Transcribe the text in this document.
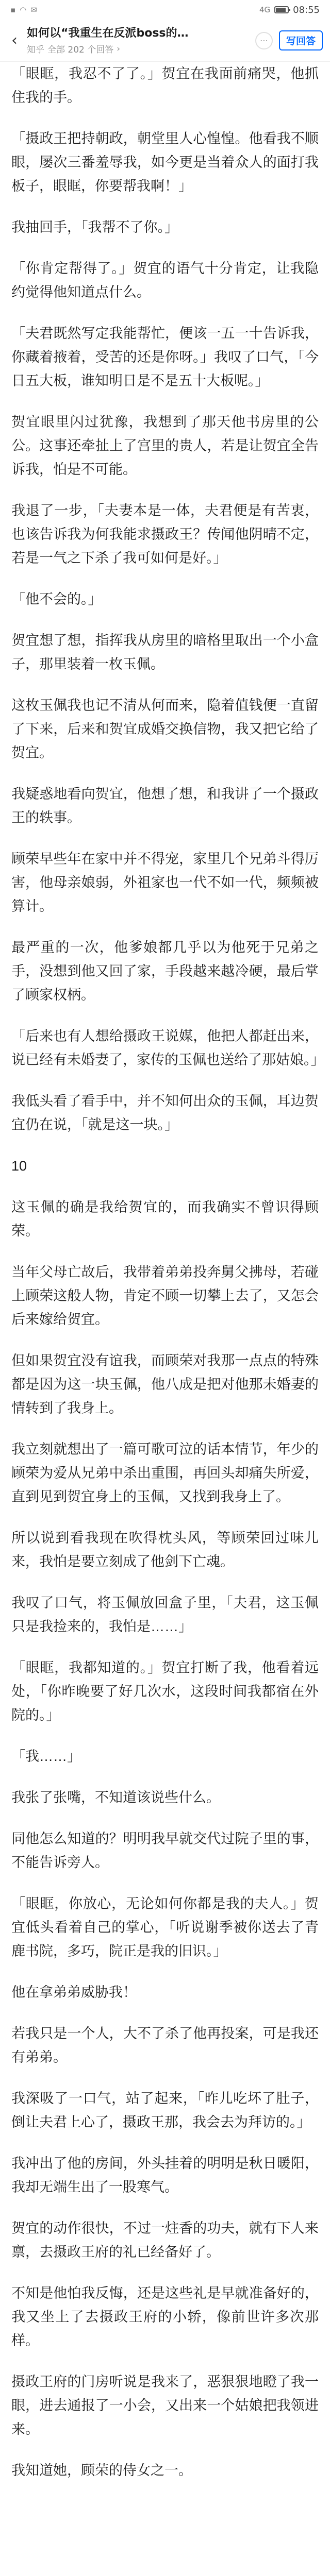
▪ ◠ ✉	4G 08:55
‹ 如何以“我重生在反派boss的…
知乎 全部 202 个回答 ›
⋯	写回答

「眼眶，我忍不了了。」贺宜在我面前痛哭，他抓住我的手。

「摄政王把持朝政，朝堂里人心惶惶。他看我不顺眼，屡次三番羞辱我，如今更是当着众人的面打我板子，眼眶，你要帮我啊！」

我抽回手，「我帮不了你。」

「你肯定帮得了。」贺宜的语气十分肯定，让我隐约觉得他知道点什么。

「夫君既然写定我能帮忙，便该一五一十告诉我，你藏着掖着，受苦的还是你呀。」我叹了口气，「今日五大板，谁知明日是不是五十大板呢。」

贺宜眼里闪过犹豫，我想到了那天他书房里的公公。这事还牵扯上了宫里的贵人，若是让贺宜全告诉我，怕是不可能。

我退了一步，「夫妻本是一体，夫君便是有苦衷，也该告诉我为何我能求摄政王？传闻他阴晴不定，若是一气之下杀了我可如何是好。」

「他不会的。」

贺宜想了想，指挥我从房里的暗格里取出一个小盒子，那里装着一枚玉佩。

这枚玉佩我也记不清从何而来，隐着值钱便一直留了下来，后来和贺宜成婚交换信物，我又把它给了贺宜。

我疑惑地看向贺宜，他想了想，和我讲了一个摄政王的轶事。

顾荣早些年在家中并不得宠，家里几个兄弟斗得厉害，他母亲娘弱，外祖家也一代不如一代，频频被算计。

最严重的一次，他爹娘都几乎以为他死于兄弟之手，没想到他又回了家，手段越来越冷硬，最后掌了顾家权柄。

「后来也有人想给摄政王说媒，他把人都赶出来，说已经有未婚妻了，家传的玉佩也送给了那姑娘。」

我低头看了看手中，并不知何出众的玉佩，耳边贺宜仍在说，「就是这一块。」

10

这玉佩的确是我给贺宜的，而我确实不曾识得顾荣。

当年父母亡故后，我带着弟弟投奔舅父拂母，若碰上顾荣这般人物，肯定不顾一切攀上去了，又怎会后来嫁给贺宜。

但如果贺宜没有谊我，而顾荣对我那一点点的特殊都是因为这一块玉佩，他八成是把对他那未婚妻的情转到了我身上。

我立刻就想出了一篇可歌可泣的话本情节，年少的顾荣为爱从兄弟中杀出重围，再回头却痛失所爱，直到见到贺宜身上的玉佩，又找到我身上了。

所以说到看我现在吹得枕头风，等顾荣回过味儿来，我怕是要立刻成了他剑下亡魂。

我叹了口气，将玉佩放回盒子里，「夫君，这玉佩只是我捡来的，我怕是……」

「眼眶，我都知道的。」贺宜打断了我，他看着远处，「你昨晚要了好几次水，这段时间我都宿在外院的。」

「我……」

我张了张嘴，不知道该说些什么。

同他怎么知道的？明明我早就交代过院子里的事，不能告诉旁人。

「眼眶，你放心，无论如何你都是我的夫人。」贺宜低头看着自己的掌心，「听说谢季被你送去了青鹿书院，多巧，院正是我的旧识。」

他在拿弟弟威胁我！

若我只是一个人，大不了杀了他再投案，可是我还有弟弟。

我深吸了一口气，站了起来，「昨儿吃坏了肚子，倒让夫君上心了，摄政王那，我会去为拜访的。」

我冲出了他的房间，外头挂着的明明是秋日暖阳，我却无端生出了一股寒气。

贺宜的动作很快，不过一炷香的功夫，就有下人来禀，去摄政王府的礼已经备好了。

不知是他怕我反悔，还是这些礼是早就准备好的，我又坐上了去摄政王府的小轿，像前世许多次那样。

摄政王府的门房听说是我来了，恶狠狠地瞪了我一眼，进去通报了一小会，又出来一个姑娘把我领进来。

我知道她，顾荣的侍女之一。
